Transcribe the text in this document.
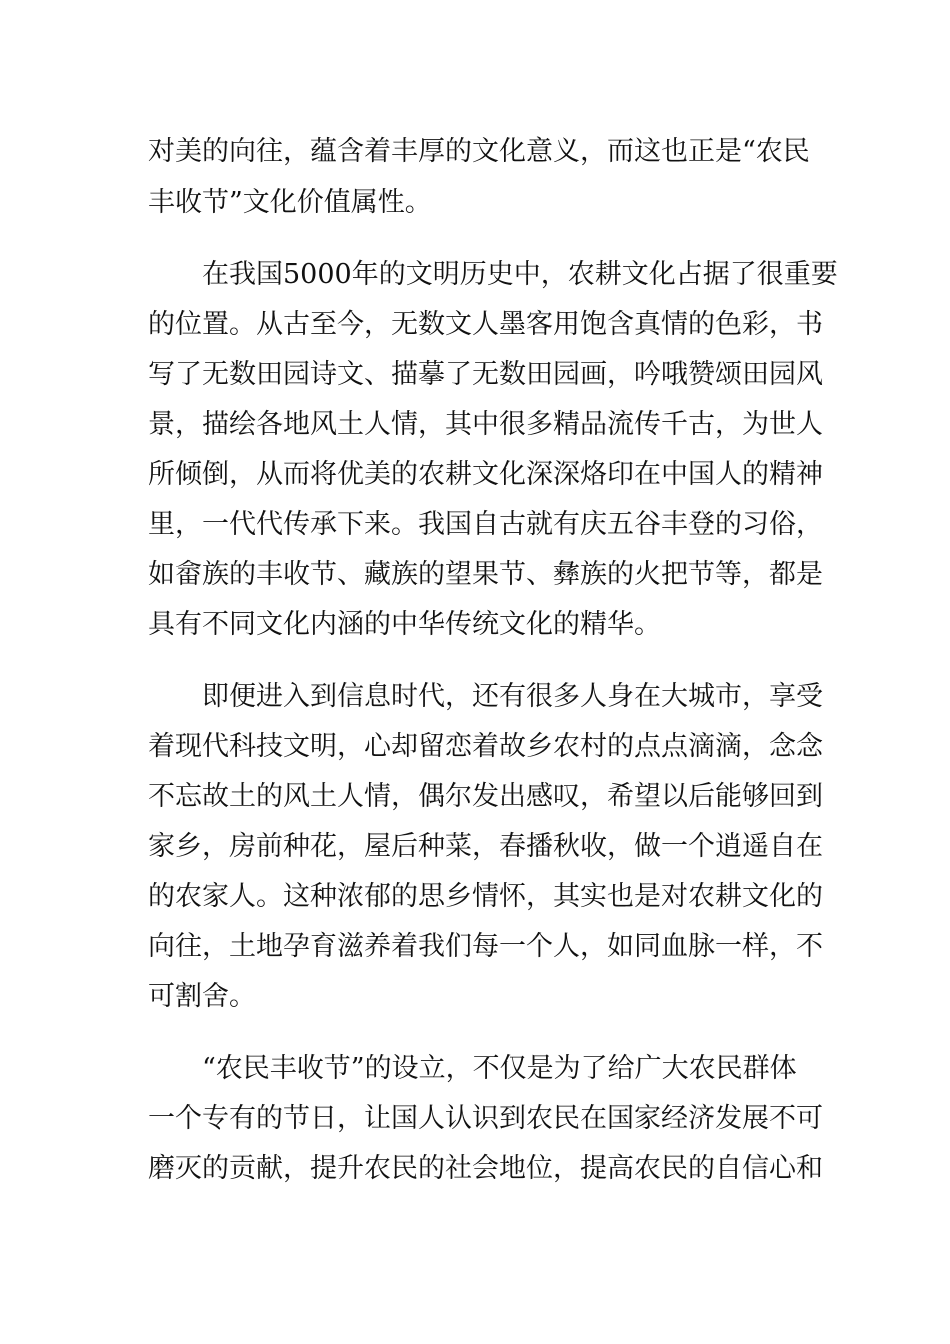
对美的向往，蕴含着丰厚的文化意义，而这也正是“农民

丰收节”文化价值属性。

在我国5000年的文明历史中，农耕文化占据了很重要

的位置。从古至今，无数文人墨客用饱含真情的色彩，书

写了无数田园诗文、描摹了无数田园画，吟哦赞颂田园风

景，描绘各地风土人情，其中很多精品流传千古，为世人

所倾倒，从而将优美的农耕文化深深烙印在中国人的精神

里，一代代传承下来。我国自古就有庆五谷丰登的习俗，

如畲族的丰收节、藏族的望果节、彝族的火把节等，都是

具有不同文化内涵的中华传统文化的精华。

即便进入到信息时代，还有很多人身在大城市，享受

着现代科技文明，心却留恋着故乡农村的点点滴滴，念念

不忘故土的风土人情，偶尔发出感叹，希望以后能够回到

家乡，房前种花，屋后种菜，春播秋收，做一个逍遥自在

的农家人。这种浓郁的思乡情怀，其实也是对农耕文化的

向往，土地孕育滋养着我们每一个人，如同血脉一样，不

可割舍。

“农民丰收节”的设立，不仅是为了给广大农民群体

一个专有的节日，让国人认识到农民在国家经济发展不可

磨灭的贡献，提升农民的社会地位，提高农民的自信心和
